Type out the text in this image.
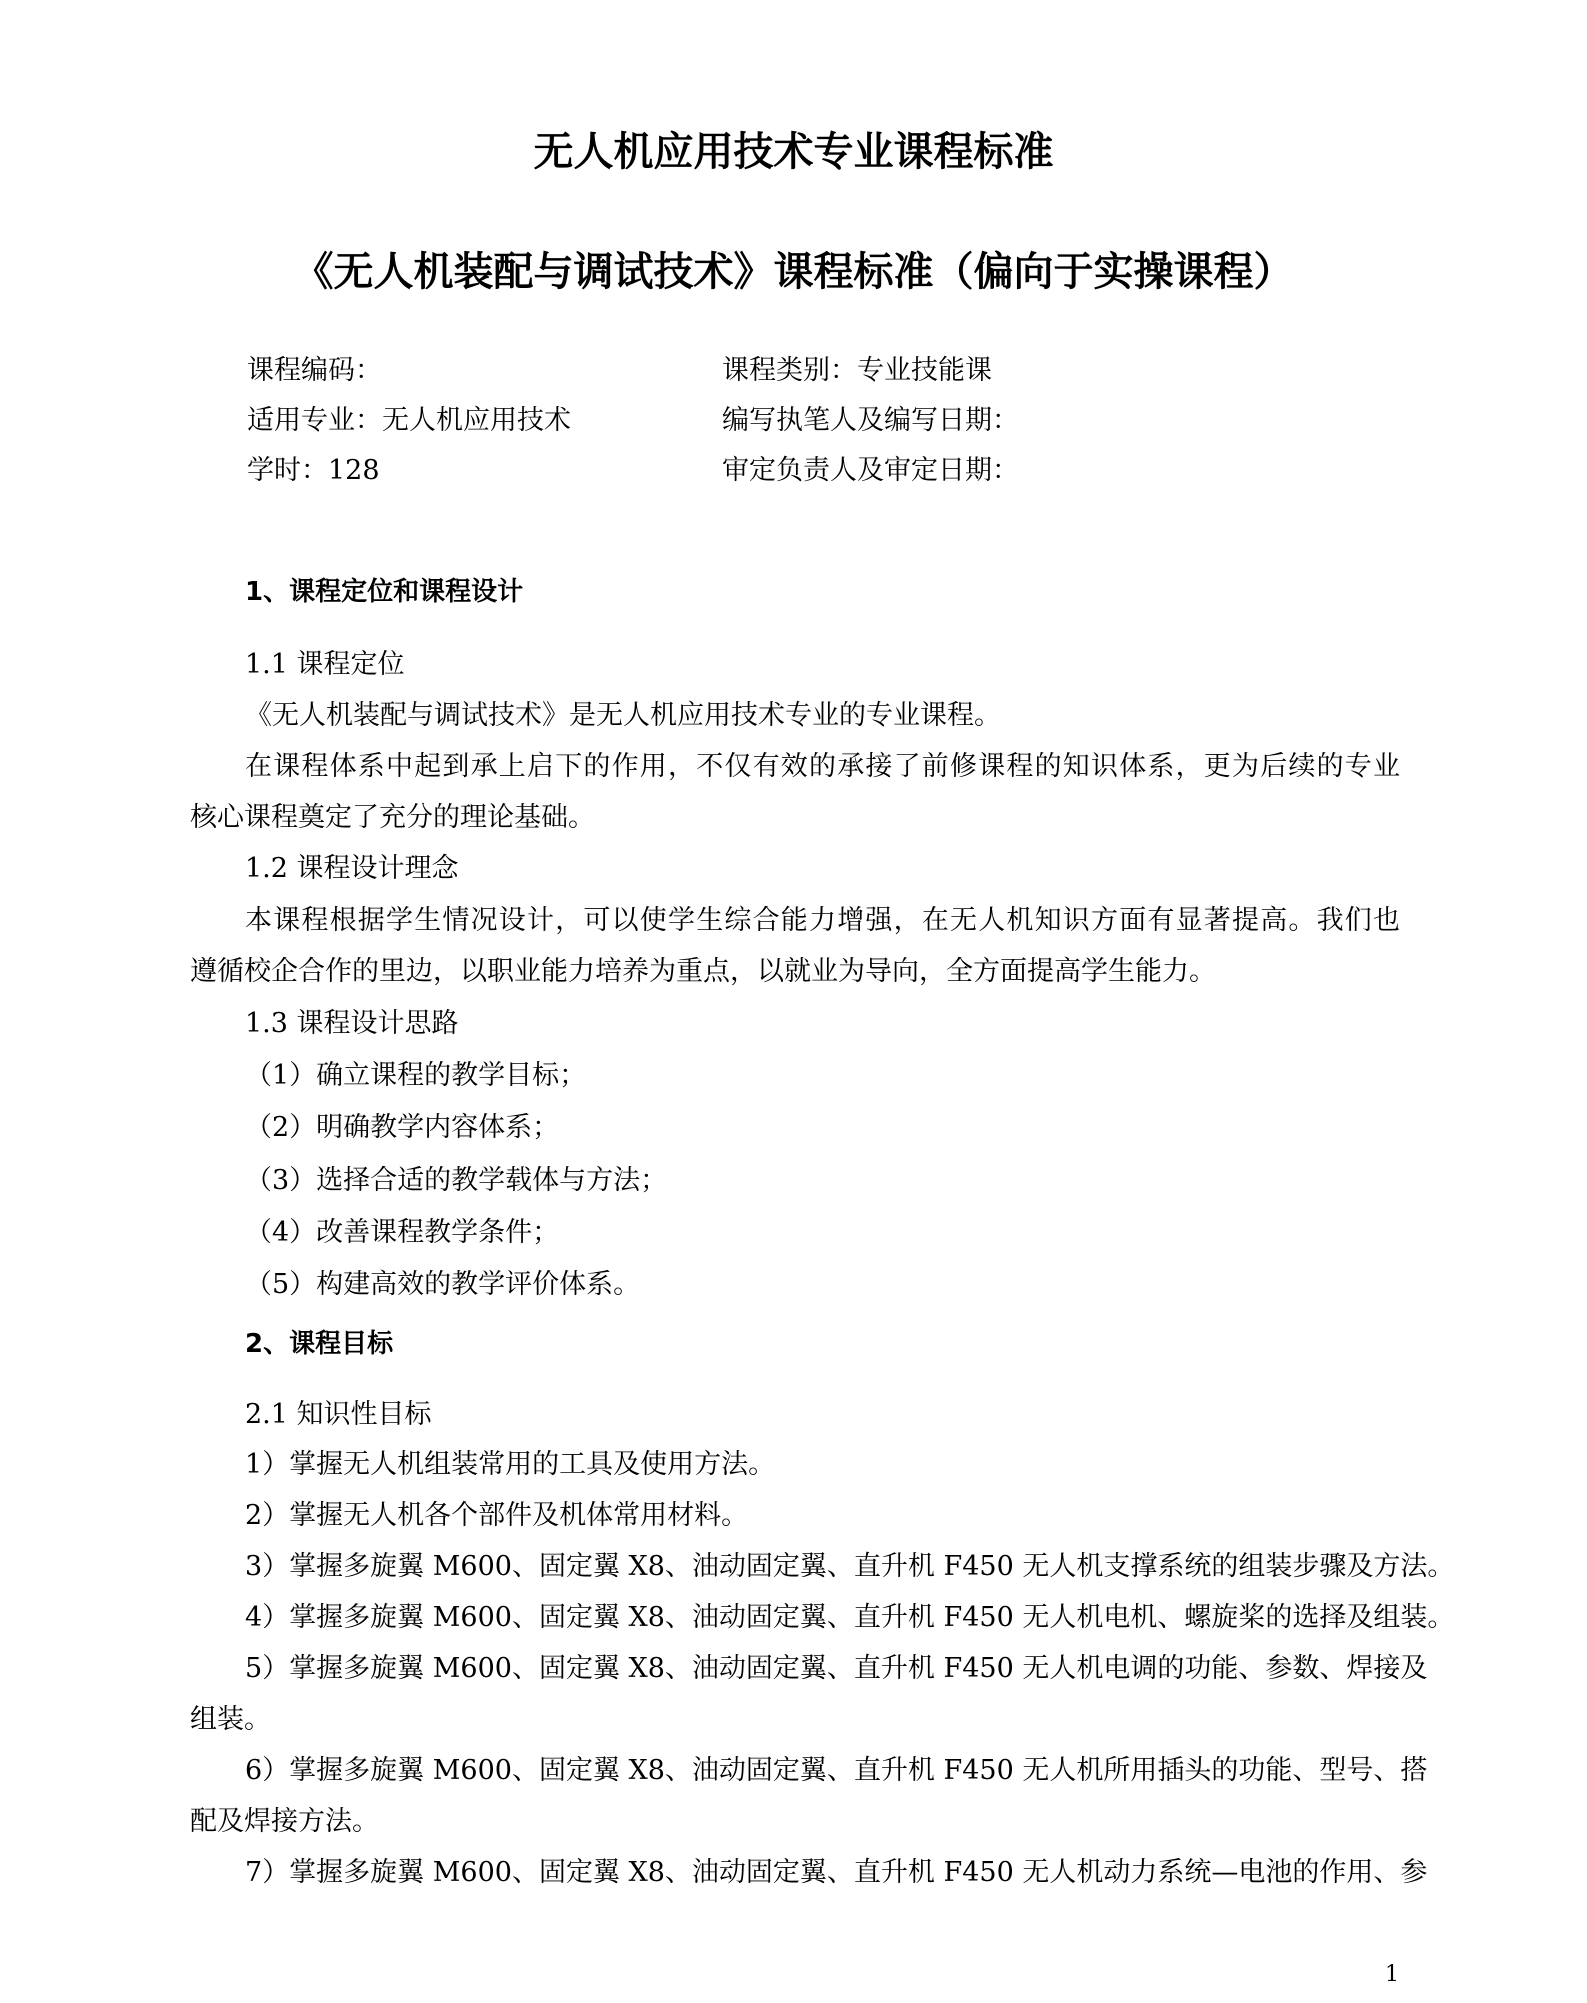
无人机应用技术专业课程标准
《无人机装配与调试技术》课程标准（偏向于实操课程）
课程编码：
适用专业：无人机应用技术
学时：128
课程类别：专业技能课
编写执笔人及编写日期：
审定负责人及审定日期：
1、课程定位和课程设计
1.1 课程定位
《无人机装配与调试技术》是无人机应用技术专业的专业课程。
在课程体系中起到承上启下的作用，不仅有效的承接了前修课程的知识体系，更为后续的专业
核心课程奠定了充分的理论基础。
1.2 课程设计理念
本课程根据学生情况设计，可以使学生综合能力增强，在无人机知识方面有显著提高。我们也
遵循校企合作的里边，以职业能力培养为重点，以就业为导向，全方面提高学生能力。
1.3 课程设计思路
（1）确立课程的教学目标；
（2）明确教学内容体系；
（3）选择合适的教学载体与方法；
（4）改善课程教学条件；
（5）构建高效的教学评价体系。
2、课程目标
2.1 知识性目标
1）掌握无人机组装常用的工具及使用方法。
2）掌握无人机各个部件及机体常用材料。
3）掌握多旋翼 M600、固定翼 X8、油动固定翼、直升机 F450 无人机支撑系统的组装步骤及方法。
4）掌握多旋翼 M600、固定翼 X8、油动固定翼、直升机 F450 无人机电机、螺旋桨的选择及组装。
5）掌握多旋翼 M600、固定翼 X8、油动固定翼、直升机 F450 无人机电调的功能、参数、焊接及
组装。
6）掌握多旋翼 M600、固定翼 X8、油动固定翼、直升机 F450 无人机所用插头的功能、型号、搭
配及焊接方法。
7）掌握多旋翼 M600、固定翼 X8、油动固定翼、直升机 F450 无人机动力系统—电池的作用、参
1
